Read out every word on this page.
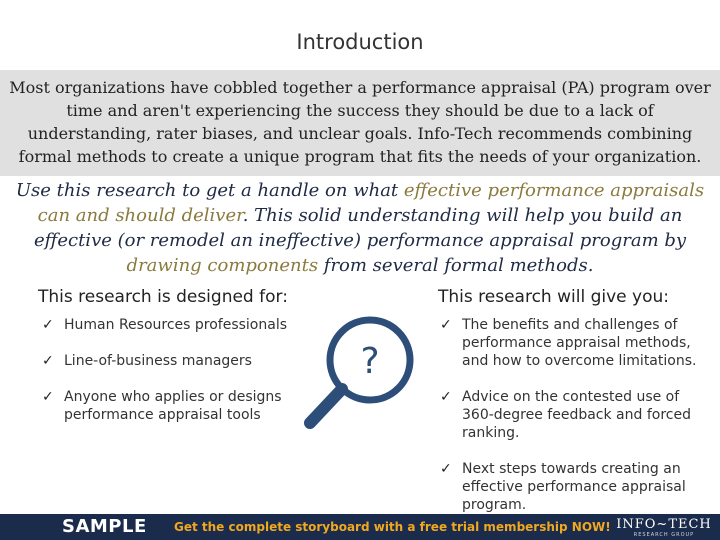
Introduction
Most organizations have cobbled together a performance appraisal (PA) program over time and aren't experiencing the success they should be due to a lack of understanding, rater biases, and unclear goals. Info-Tech recommends combining formal methods to create a unique program that fits the needs of your organization.
Use this research to get a handle on what effective performance appraisals can and should deliver. This solid understanding will help you build an effective (or remodel an ineffective) performance appraisal program by drawing components from several formal methods.
This research is designed for:	This research will give you:
✓ Human Resources professionals
✓ Line-of-business managers
✓ Anyone who applies or designs performance appraisal tools
?
✓ The benefits and challenges of performance appraisal methods, and how to overcome limitations.
✓ Advice on the contested use of 360-degree feedback and forced ranking.
✓ Next steps towards creating an effective performance appraisal program.
SAMPLE Get the complete storyboard with a free trial membership NOW! INFO~TECH
RESEARCH GROUP
